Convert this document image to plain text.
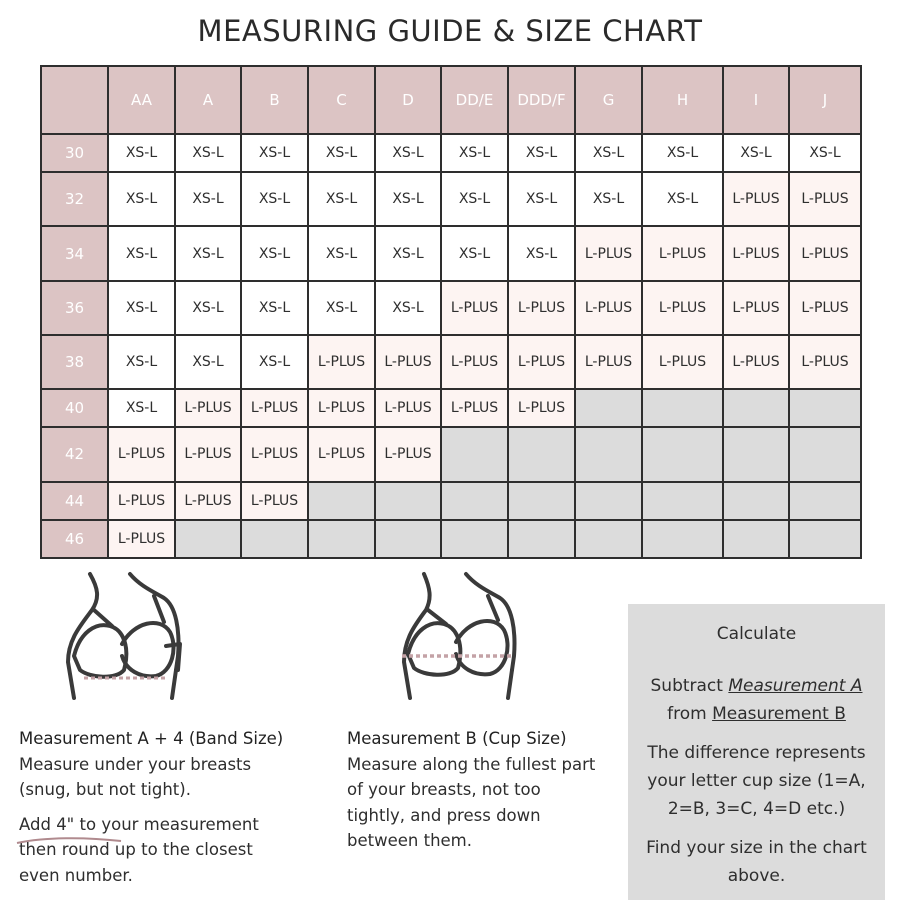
MEASURING GUIDE & SIZE CHART
	AA	A	B	C	D	DD/E	DDD/F	G	H	I	J
30	XS-L	XS-L	XS-L	XS-L	XS-L	XS-L	XS-L	XS-L	XS-L	XS-L	XS-L
32	XS-L	XS-L	XS-L	XS-L	XS-L	XS-L	XS-L	XS-L	XS-L	L-PLUS	L-PLUS
34	XS-L	XS-L	XS-L	XS-L	XS-L	XS-L	XS-L	L-PLUS	L-PLUS	L-PLUS	L-PLUS
36	XS-L	XS-L	XS-L	XS-L	XS-L	L-PLUS	L-PLUS	L-PLUS	L-PLUS	L-PLUS	L-PLUS
38	XS-L	XS-L	XS-L	L-PLUS	L-PLUS	L-PLUS	L-PLUS	L-PLUS	L-PLUS	L-PLUS	L-PLUS
40	XS-L	L-PLUS	L-PLUS	L-PLUS	L-PLUS	L-PLUS	L-PLUS				
42	L-PLUS	L-PLUS	L-PLUS	L-PLUS	L-PLUS						
44	L-PLUS	L-PLUS	L-PLUS								
46	L-PLUS										
Measurement A + 4 (Band Size)
Measure under your breasts
(snug, but not tight).
Add 4"
to your measurement
then round up to the closest
even number.
Measurement B (Cup Size)
Measure along the fullest part
of your breasts, not too
tightly, and press down
between them.

Calculate

Subtract Measurement A

from Measurement B

The difference represents

your letter cup size (1=A,

2=B, 3=C, 4=D etc.)

Find your size in the chart

above.
